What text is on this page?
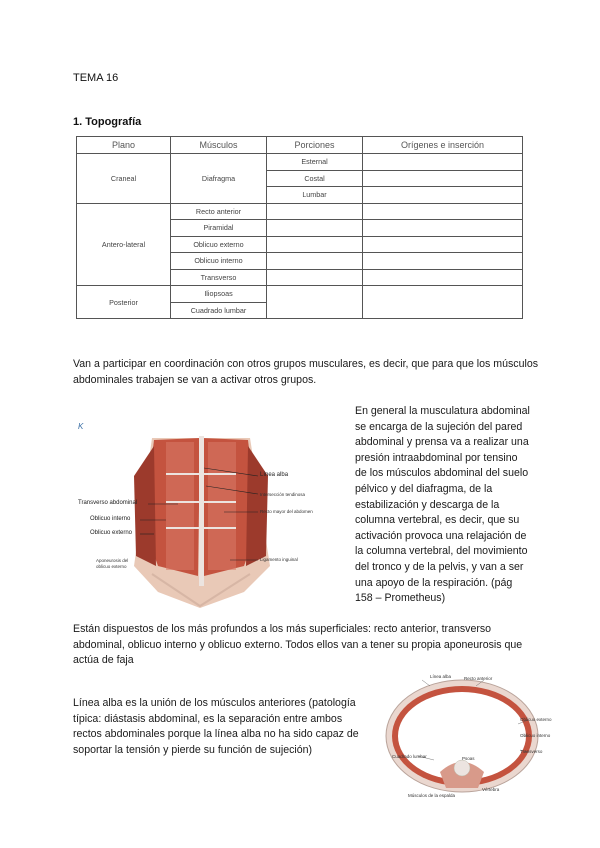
TEMA 16
1. Topografía
Plano	Músculos	Porciones	Orígenes e inserción
Craneal	Diafragma	Esternal	
		Costal	
		Lumbar	
Antero-lateral	Recto anterior		
	Piramidal		
	Oblicuo externo		
	Oblicuo interno		
	Transverso		
Posterior	Iliopsoas		
	Cuadrado lumbar		
Van a participar en coordinación con otros grupos musculares, es decir, que para que los músculos abdominales trabajen se van a activar otros grupos.
K
Línea alba
Intersección tendinosa
Recto mayor del abdomen
Transverso abdominal
Oblicuo interno
Oblicuo externo
Aponeurosis del oblicuo externo
Ligamento inguinal
En general la musculatura abdominal se encarga de la sujeción del pared abdominal y prensa va a realizar una presión intraabdominal por tensino de los músculos abdominal del suelo pélvico y del diafragma, de la estabilización y descarga de la columna vertebral, es decir, que su activación provoca una relajación de la columna vertebral, del movimiento del tronco y de la pelvis, y van a ser una apoyo de la respiración. (pág 158 – Prometheus)
Están dispuestos de los más profundos a los más superficiales: recto anterior, transverso abdominal, oblicuo interno y oblicuo externo. Todos ellos van a tener su propia aponeurosis que actúa de faja
Línea alba es la unión de los músculos anteriores (patología típica: diástasis abdominal, es la separación entre ambos rectos abdominales porque la línea alba no ha sido capaz de soportar la tensión y pierde su función de sujeción)
Línea alba	Recto anterior
Oblicuo externo
Oblicuo interno
Transverso
Cuadrado lumbar	Psoas
Vértebra
Músculos de la espalda
